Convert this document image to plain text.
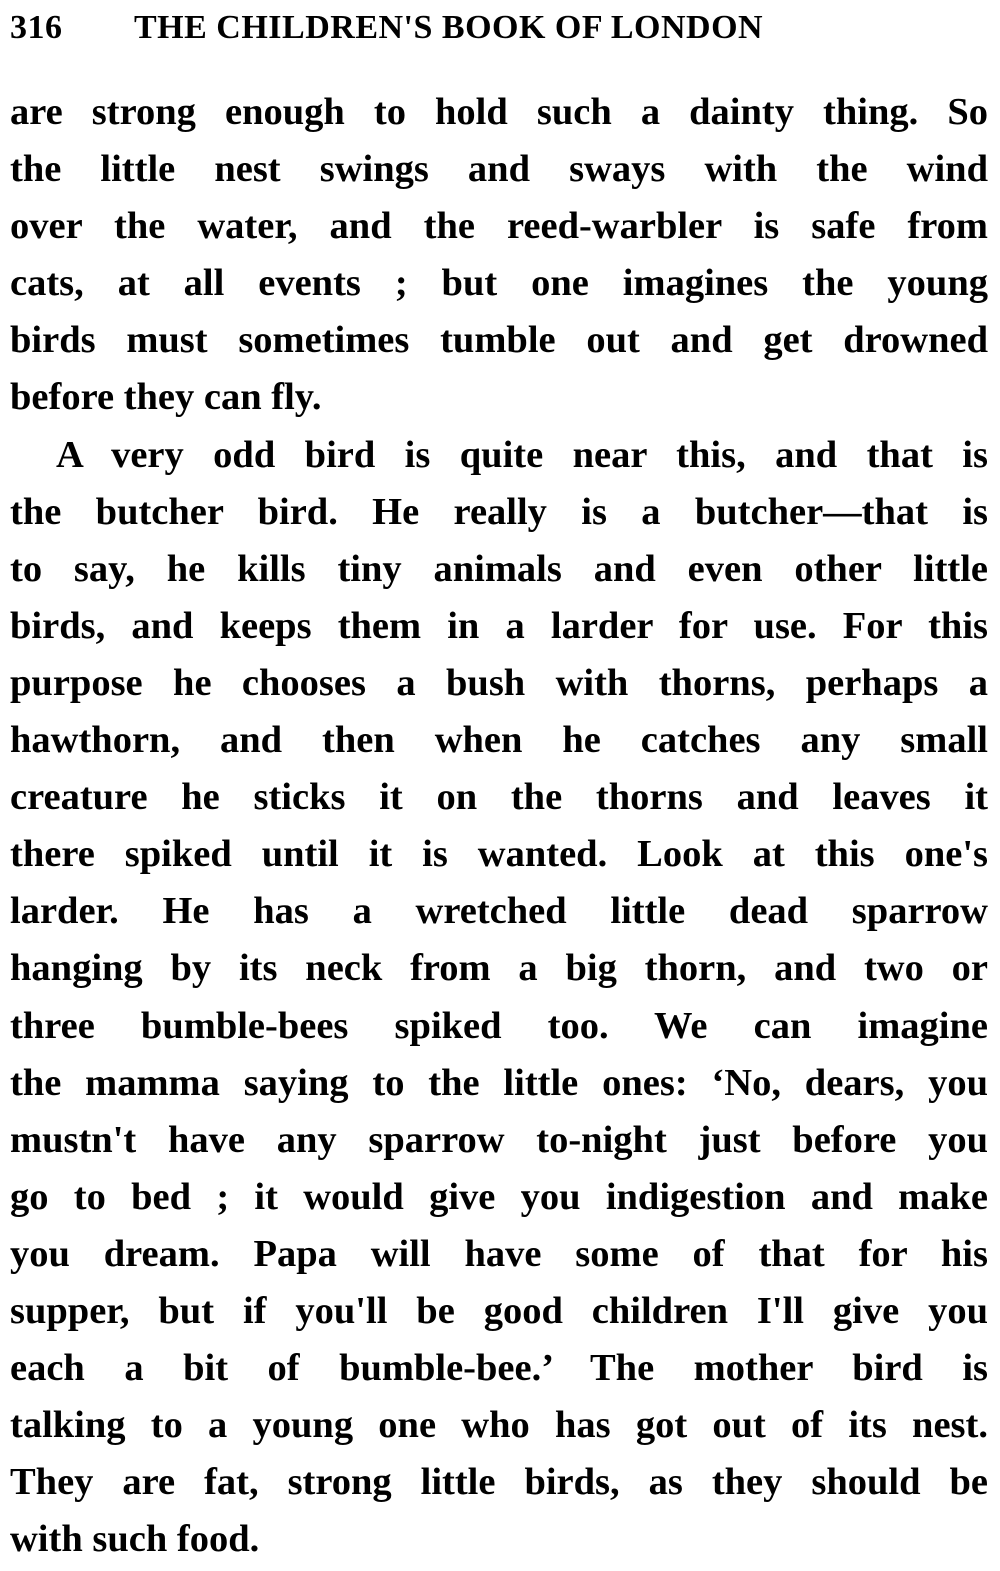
316 THE CHILDREN'S BOOK OF LONDON
are strong enough to hold such a dainty thing. So
the little nest swings and sways with the wind
over the water, and the reed-warbler is safe from
cats, at all events ; but one imagines the young
birds must sometimes tumble out and get drowned
before they can fly.
A very odd bird is quite near this, and that is
the butcher bird. He really is a butcher—that is
to say, he kills tiny animals and even other little
birds, and keeps them in a larder for use. For this
purpose he chooses a bush with thorns, perhaps a
hawthorn, and then when he catches any small
creature he sticks it on the thorns and leaves it
there spiked until it is wanted. Look at this one's
larder. He has a wretched little dead sparrow
hanging by its neck from a big thorn, and two or
three bumble-bees spiked too. We can imagine
the mamma saying to the little ones: ‘No, dears, you
mustn't have any sparrow to-night just before you
go to bed ; it would give you indigestion and make
you dream. Papa will have some of that for his
supper, but if you'll be good children I'll give you
each a bit of bumble-bee.’ The mother bird is
talking to a young one who has got out of its nest.
They are fat, strong little birds, as they should be
with such food.
